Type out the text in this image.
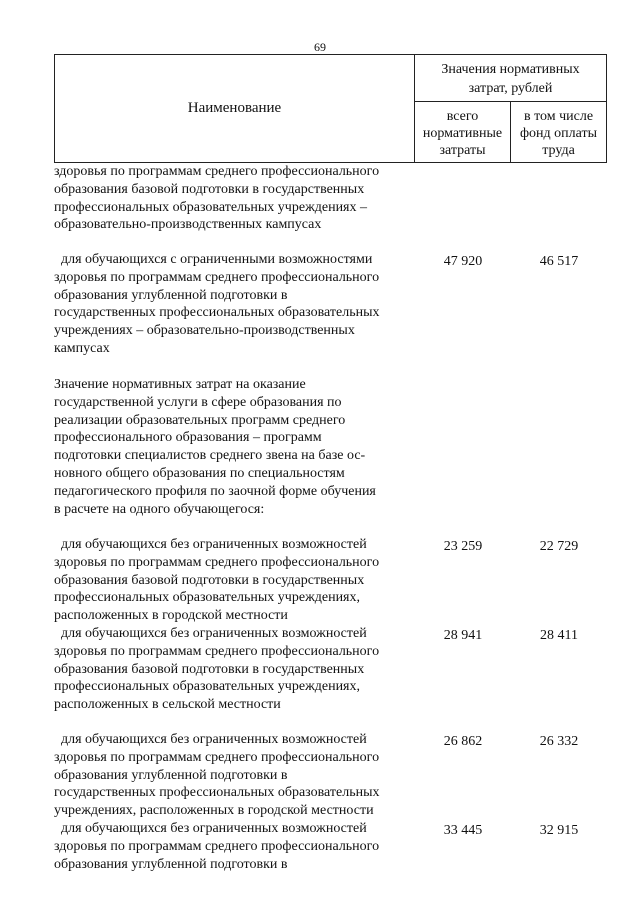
69
Наименование
Значения нормативных
затрат, рублей
всего
нормативные
затраты
в том числе
фонд оплаты
труда
здоровья по программам среднего профессионального
образования базовой подготовки в государственных
профессиональных образовательных учреждениях –
образовательно-производственных кампусах
для обучающихся с ограниченными возможностями
здоровья по программам среднего профессионального
образования углубленной подготовки в
государственных профессиональных образовательных
учреждениях – образовательно-производственных
кампусах
47 920	46 517
Значение нормативных затрат на оказание
государственной услуги в сфере образования по
реализации образовательных программ среднего
профессионального образования – программ
подготовки специалистов среднего звена на базе ос-
новного общего образования по специальностям
педагогического профиля по заочной форме обучения
в расчете на одного обучающегося:
для обучающихся без ограниченных возможностей
здоровья по программам среднего профессионального
образования базовой подготовки в государственных
профессиональных образовательных учреждениях,
расположенных в городской местности
23 259	22 729
для обучающихся без ограниченных возможностей
здоровья по программам среднего профессионального
образования базовой подготовки в государственных
профессиональных образовательных учреждениях,
расположенных в сельской местности
28 941	28 411
для обучающихся без ограниченных возможностей
здоровья по программам среднего профессионального
образования углубленной подготовки в
государственных профессиональных образовательных
учреждениях, расположенных в городской местности
26 862	26 332
для обучающихся без ограниченных возможностей
здоровья по программам среднего профессионального
образования углубленной подготовки в
33 445	32 915
